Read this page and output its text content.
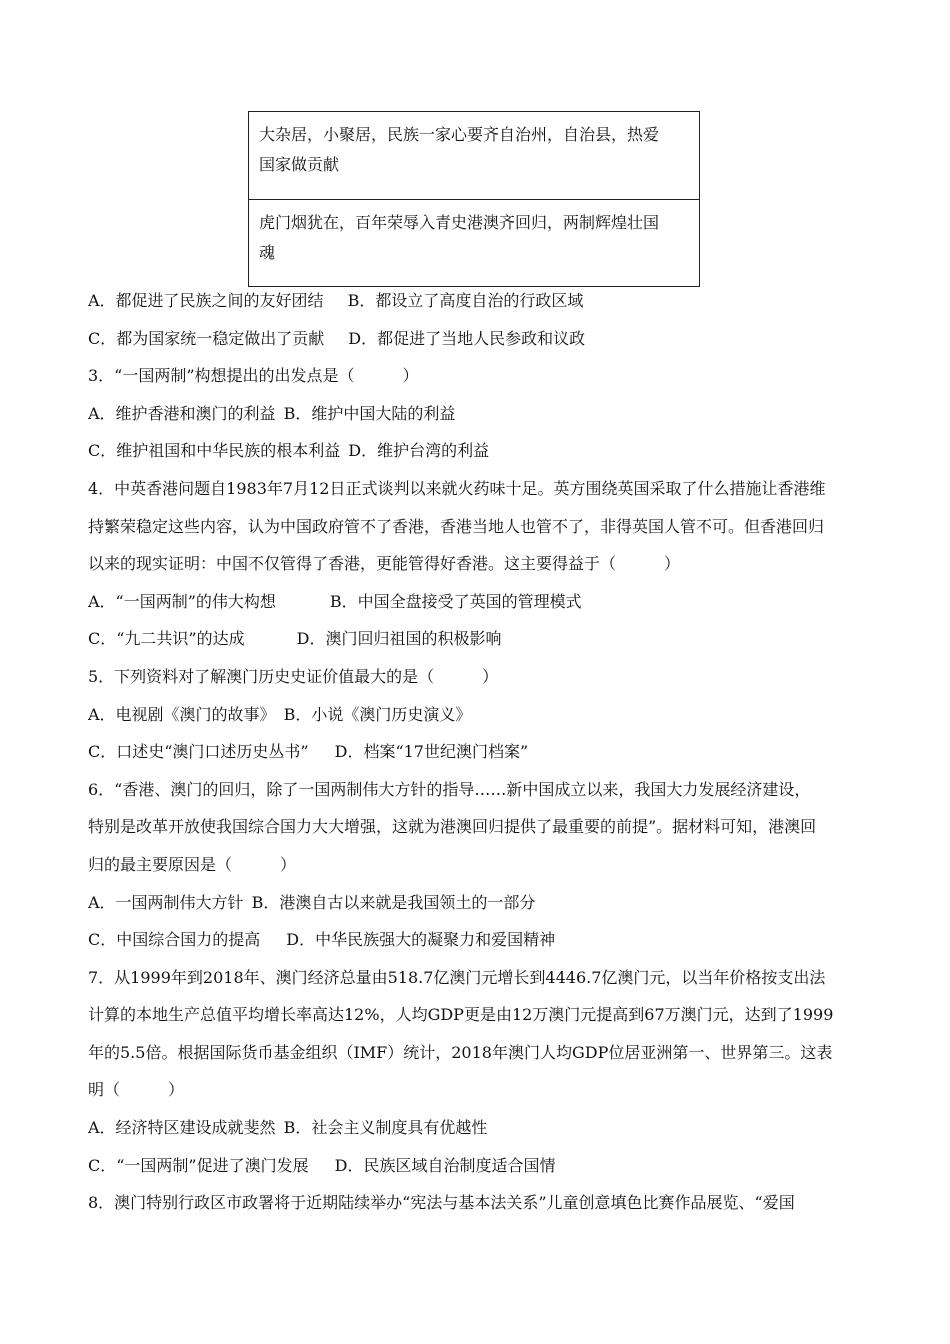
大杂居，小聚居，民族一家心要齐自治州，自治县，热爱
国家做贡献
虎门烟犹在，百年荣辱入青史港澳齐回归，两制辉煌壮国
魂
A．都促进了民族之间的友好团结 B．都设立了高度自治的行政区域
C．都为国家统一稳定做出了贡献 D．都促进了当地人民参政和议政
3．“一国两制”构想提出的出发点是（　　　）
A．维护香港和澳门的利益 B．维护中国大陆的利益
C．维护祖国和中华民族的根本利益 D．维护台湾的利益
4．中英香港问题自1983年7月12日正式谈判以来就火药味十足。英方围绕英国采取了什么措施让香港维
持繁荣稳定这些内容，认为中国政府管不了香港，香港当地人也管不了，非得英国人管不可。但香港回归
以来的现实证明：中国不仅管得了香港，更能管得好香港。这主要得益于（　　　）
A．“一国两制”的伟大构想	B．中国全盘接受了英国的管理模式
C．“九二共识”的达成	D．澳门回归祖国的积极影响
5．下列资料对了解澳门历史史证价值最大的是（　　　）
A．电视剧《澳门的故事》 B．小说《澳门历史演义》
C．口述史“澳门口述历史丛书” D．档案“17世纪澳门档案”
6．“香港、澳门的回归，除了一国两制伟大方针的指导……新中国成立以来，我国大力发展经济建设，
特别是改革开放使我国综合国力大大增强，这就为港澳回归提供了最重要的前提”。据材料可知，港澳回
归的最主要原因是（　　　）
A．一国两制伟大方针 B．港澳自古以来就是我国领土的一部分
C．中国综合国力的提高 D．中华民族强大的凝聚力和爱国精神
7．从1999年到2018年、澳门经济总量由518.7亿澳门元增长到4446.7亿澳门元，以当年价格按支出法
计算的本地生产总值平均增长率高达12%，人均GDP更是由12万澳门元提高到67万澳门元，达到了1999
年的5.5倍。根据国际货币基金组织（IMF）统计，2018年澳门人均GDP位居亚洲第一、世界第三。这表
明（　　　）
A．经济特区建设成就斐然 B．社会主义制度具有优越性
C．“一国两制”促进了澳门发展 D．民族区域自治制度适合国情
8．澳门特别行政区市政署将于近期陆续举办“宪法与基本法关系”儿童创意填色比赛作品展览、“爱国
